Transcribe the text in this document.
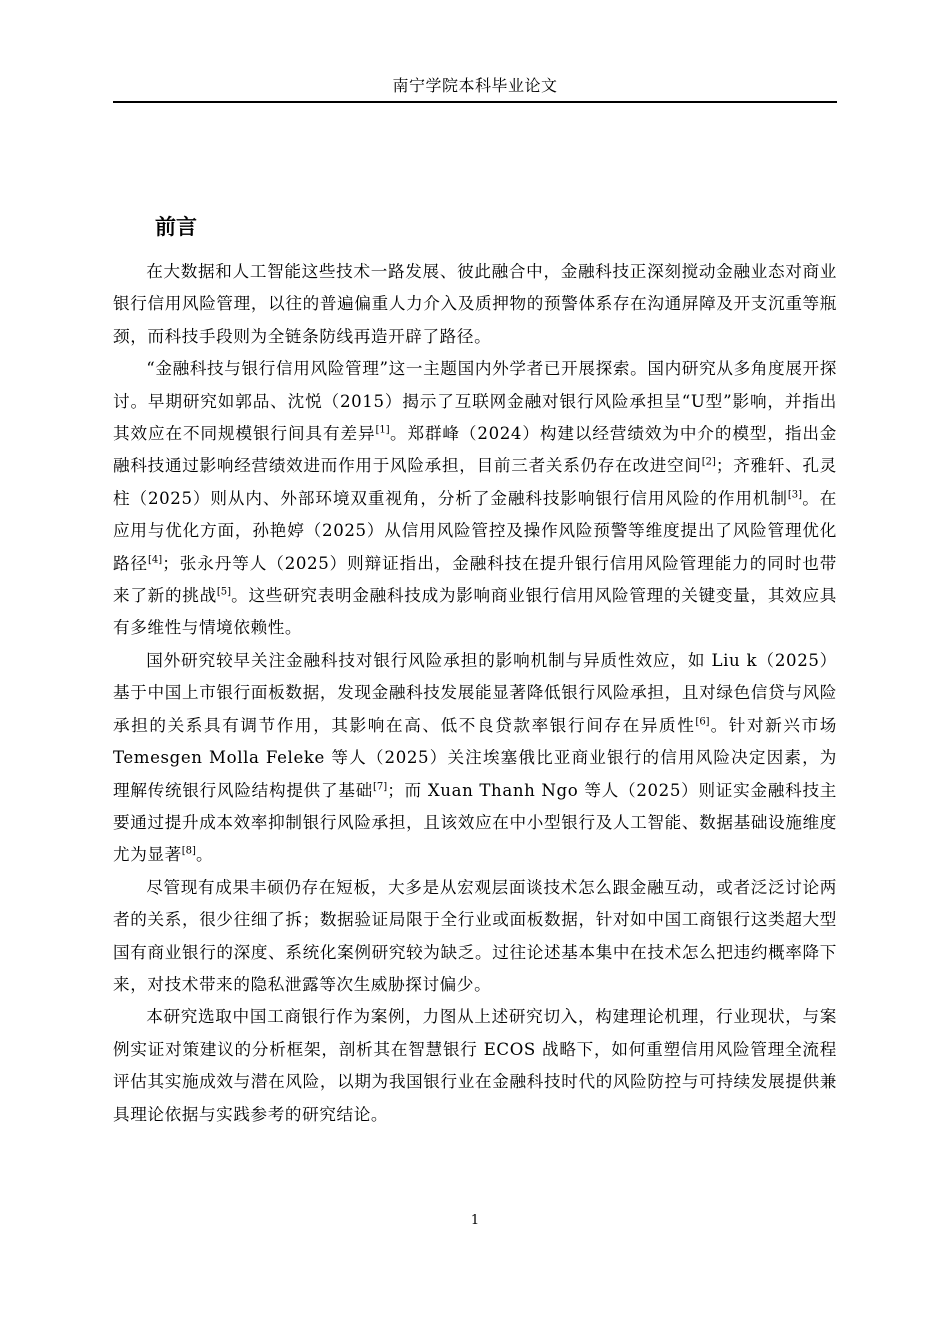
南宁学院本科毕业论文
前言

在大数据和人工智能这些技术一路发展、彼此融合中，金融科技正深刻搅动金融业态对商业银行信用风险管理，以往的普遍偏重人力介入及质押物的预警体系存在沟通屏障及开支沉重等瓶颈，而科技手段则为全链条防线再造开辟了路径。

“金融科技与银行信用风险管理”这一主题国内外学者已开展探索。国内研究从多角度展开探讨。早期研究如郭品、沈悦（2015）揭示了互联网金融对银行风险承担呈“U型”影响，并指出其效应在不同规模银行间具有差异[1]。郑群峰（2024）构建以经营绩效为中介的模型，指出金融科技通过影响经营绩效进而作用于风险承担，目前三者关系仍存在改进空间[2]；齐雅轩、孔灵柱（2025）则从内、外部环境双重视角，分析了金融科技影响银行信用风险的作用机制[3]。在应用与优化方面，孙艳婷（2025）从信用风险管控及操作风险预警等维度提出了风险管理优化路径[4]；张永丹等人（2025）则辩证指出，金融科技在提升银行信用风险管理能力的同时也带来了新的挑战[5]。这些研究表明金融科技成为影响商业银行信用风险管理的关键变量，其效应具有多维性与情境依赖性。

国外研究较早关注金融科技对银行风险承担的影响机制与异质性效应，如 Liu k（2025）基于中国上市银行面板数据，发现金融科技发展能显著降低银行风险承担，且对绿色信贷与风险承担的关系具有调节作用，其影响在高、低不良贷款率银行间存在异质性[6]。针对新兴市场 Temesgen Molla Feleke 等人（2025）关注埃塞俄比亚商业银行的信用风险决定因素，为理解传统银行风险结构提供了基础[7]；而 Xuan Thanh Ngo 等人（2025）则证实金融科技主要通过提升成本效率抑制银行风险承担，且该效应在中小型银行及人工智能、数据基础设施维度尤为显著[8]。

尽管现有成果丰硕仍存在短板，大多是从宏观层面谈技术怎么跟金融互动，或者泛泛讨论两者的关系，很少往细了拆；数据验证局限于全行业或面板数据，针对如中国工商银行这类超大型国有商业银行的深度、系统化案例研究较为缺乏。过往论述基本集中在技术怎么把违约概率降下来，对技术带来的隐私泄露等次生威胁探讨偏少。

本研究选取中国工商银行作为案例，力图从上述研究切入，构建理论机理，行业现状，与案例实证对策建议的分析框架，剖析其在智慧银行 ECOS 战略下，如何重塑信用风险管理全流程评估其实施成效与潜在风险，以期为我国银行业在金融科技时代的风险防控与可持续发展提供兼具理论依据与实践参考的研究结论。

1
